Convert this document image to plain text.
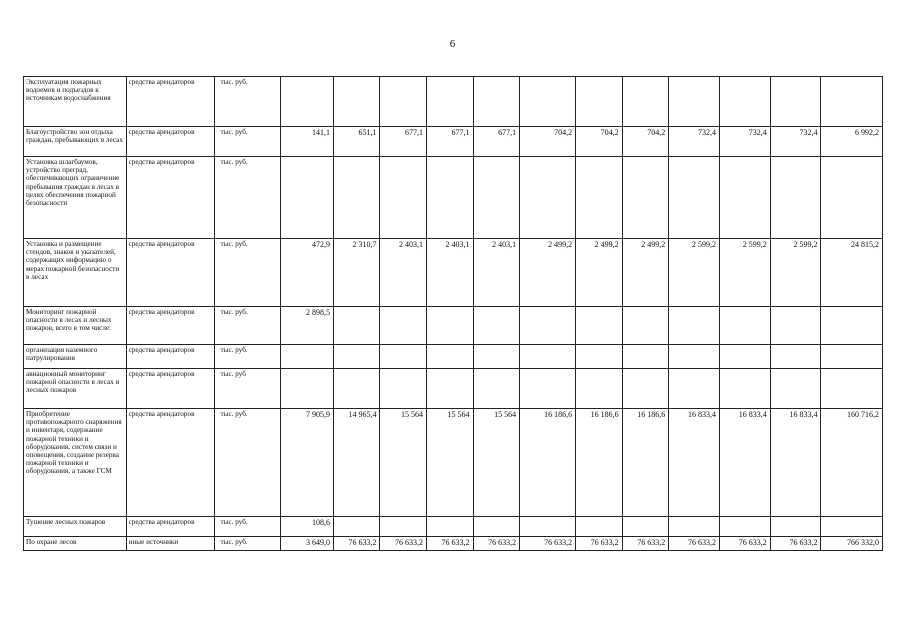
6
Эксплуатация пожарных водоемов и подъездов к источникам водоснабжения	средства арендаторов	тыс. руб.												
Благоустройство зон отдыха граждан, пребывающих в лесах	средства арендаторов	тыс. руб.	141,1	651,1	677,1	677,1	677,1	704,2	704,2	704,2	732,4	732,4	732,4	6 992,2
Установка шлагбаумов, устройство преград, обеспечивающих ограничение пребывания граждан в лесах в целях обеспечения пожарной безопасности	средства арендаторов	тыс. руб.												
Установка и размещение стендов, знаков и указателей, содержащих информацию о мерах пожарной безопасности в лесах	средства арендаторов	тыс. руб.	472,9	2 310,7	2 403,1	2 403,1	2 403,1	2 499,2	2 499,2	2 499,2	2 599,2	2 599,2	2 599,2	24 815,2
Мониторинг пожарной опасности в лесах и лесных пожаров, всего в том числе:	средства арендаторов	тыс. руб.	2 898,5											
организация наземного патрулирования	средства арендаторов	тыс. руб.												
авиационный мониторинг пожарной опасности в лесах и лесных пожаров	средства арендаторов	тыс. руб												
Приобретение противопожарного снаряжения и инвентаря, содержание пожарной техники и оборудования, систем связи и оповещения, создание резерва пожарной техники и оборудования, а также ГСМ	средства арендаторов	тыс. руб.	7 905,9	14 965,4	15 564	15 564	15 564	16 186,6	16 186,6	16 186,6	16 833,4	16 833,4	16 833,4	160 716,2
Тушение лесных пожаров	средства арендаторов	тыс. руб.	108,6											
По охране лесов	иные источники	тыс. руб.	3 649,0	76 633,2	76 633,2	76 633,2	76 633,2	76 633,2	76 633,2	76 633,2	76 633,2	76 633,2	76 633,2	766 332,0
